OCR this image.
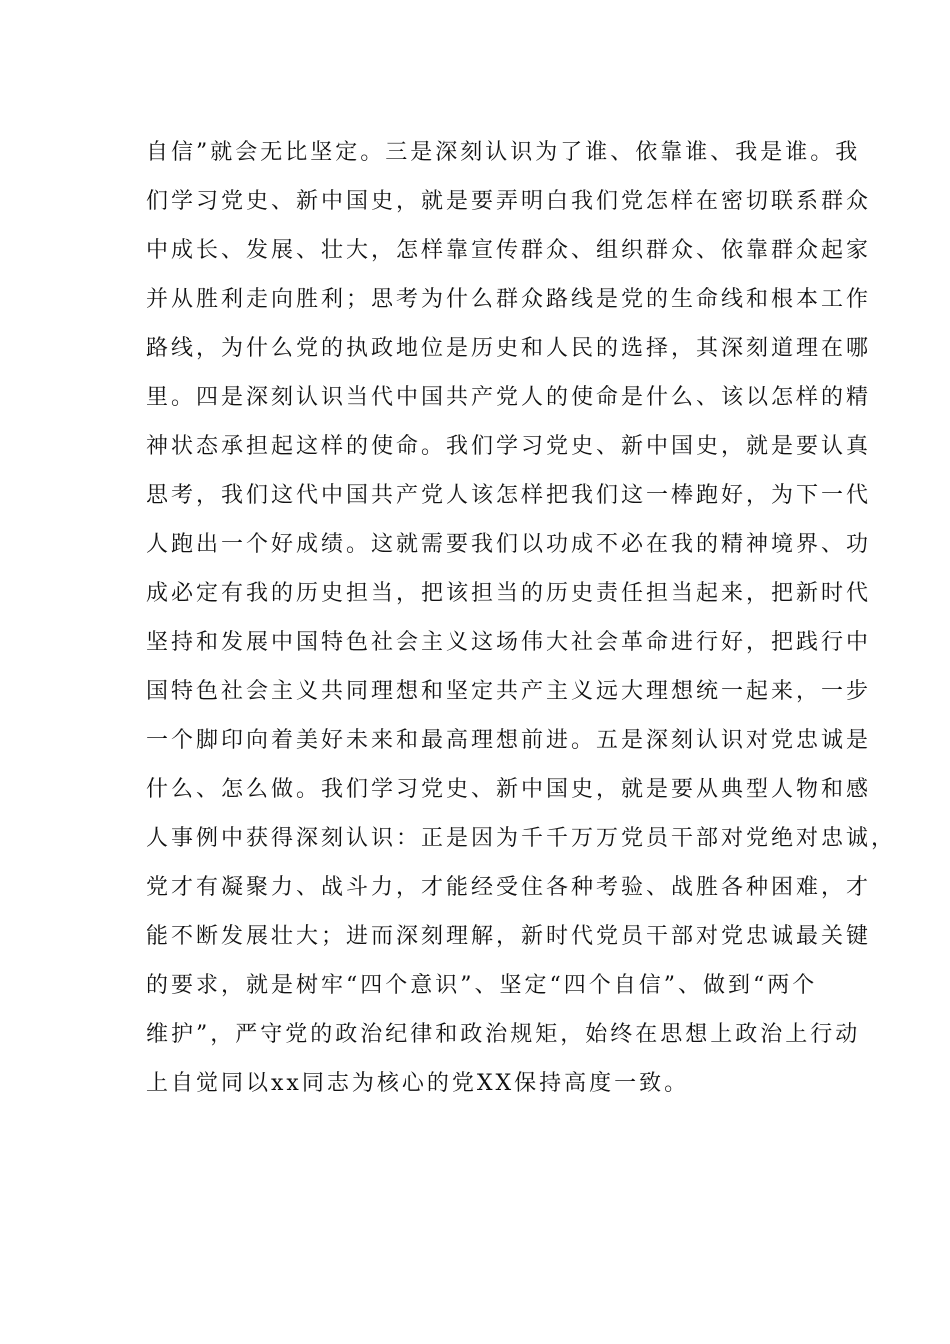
自信”就会无比坚定。三是深刻认识为了谁、依靠谁、我是谁。我
们学习党史、新中国史，就是要弄明白我们党怎样在密切联系群众
中成长、发展、壮大，怎样靠宣传群众、组织群众、依靠群众起家
并从胜利走向胜利；思考为什么群众路线是党的生命线和根本工作
路线，为什么党的执政地位是历史和人民的选择，其深刻道理在哪
里。四是深刻认识当代中国共产党人的使命是什么、该以怎样的精
神状态承担起这样的使命。我们学习党史、新中国史，就是要认真
思考，我们这代中国共产党人该怎样把我们这一棒跑好，为下一代
人跑出一个好成绩。这就需要我们以功成不必在我的精神境界、功
成必定有我的历史担当，把该担当的历史责任担当起来，把新时代
坚持和发展中国特色社会主义这场伟大社会革命进行好，把践行中
国特色社会主义共同理想和坚定共产主义远大理想统一起来，一步
一个脚印向着美好未来和最高理想前进。五是深刻认识对党忠诚是
什么、怎么做。我们学习党史、新中国史，就是要从典型人物和感
人事例中获得深刻认识：正是因为千千万万党员干部对党绝对忠诚，
党才有凝聚力、战斗力，才能经受住各种考验、战胜各种困难，才
能不断发展壮大；进而深刻理解，新时代党员干部对党忠诚最关键
的要求，就是树牢“四个意识”、坚定“四个自信”、做到“两个
维护”，严守党的政治纪律和政治规矩，始终在思想上政治上行动
上自觉同以xx同志为核心的党XX保持高度一致。
